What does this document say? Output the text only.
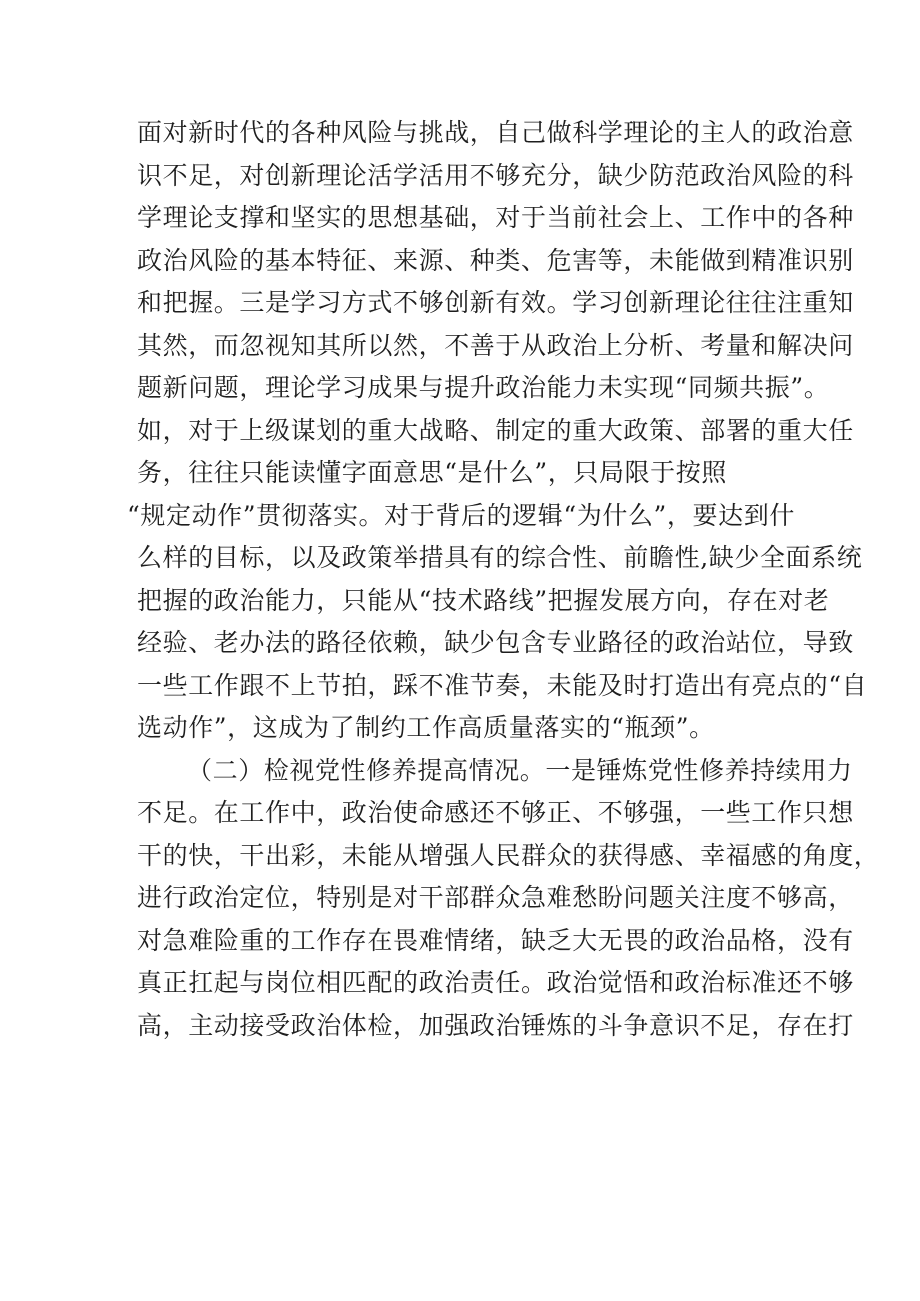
面对新时代的各种风险与挑战，自己做科学理论的主人的政治意
识不足，对创新理论活学活用不够充分，缺少防范政治风险的科
学理论支撑和坚实的思想基础，对于当前社会上、工作中的各种
政治风险的基本特征、来源、种类、危害等，未能做到精准识别
和把握。三是学习方式不够创新有效。学习创新理论往往注重知
其然，而忽视知其所以然，不善于从政治上分析、考量和解决问
题新问题，理论学习成果与提升政治能力未实现“同频共振”。
如，对于上级谋划的重大战略、制定的重大政策、部署的重大任
务，往往只能读懂字面意思“是什么”，只局限于按照
“规定动作”贯彻落实。对于背后的逻辑“为什么”，要达到什
么样的目标，以及政策举措具有的综合性、前瞻性,缺少全面系统
把握的政治能力，只能从“技术路线”把握发展方向，存在对老
经验、老办法的路径依赖，缺少包含专业路径的政治站位，导致
一些工作跟不上节拍，踩不准节奏，未能及时打造出有亮点的“自
选动作”，这成为了制约工作高质量落实的“瓶颈”。
（二）检视党性修养提高情况。一是锤炼党性修养持续用力
不足。在工作中，政治使命感还不够正、不够强，一些工作只想
干的快，干出彩，未能从增强人民群众的获得感、幸福感的角度，
进行政治定位，特别是对干部群众急难愁盼问题关注度不够高，
对急难险重的工作存在畏难情绪，缺乏大无畏的政治品格，没有
真正扛起与岗位相匹配的政治责任。政治觉悟和政治标准还不够
高，主动接受政治体检，加强政治锤炼的斗争意识不足，存在打
